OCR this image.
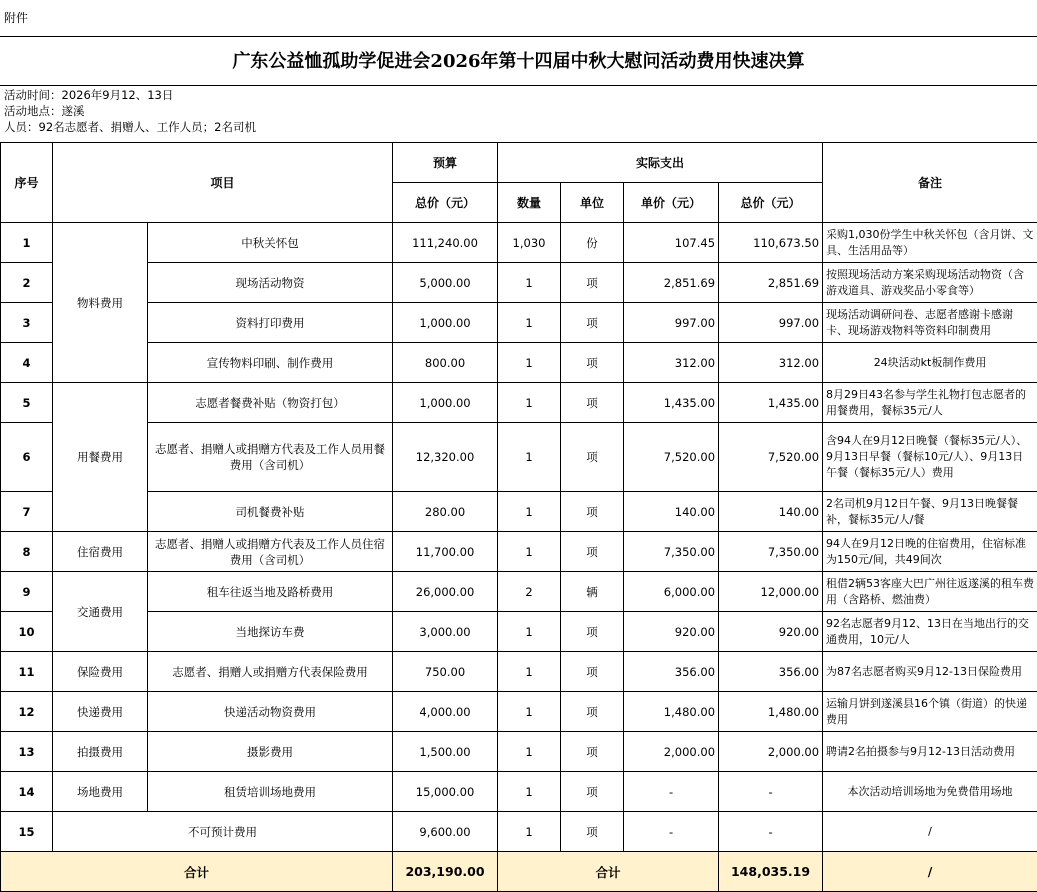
附件
广东公益恤孤助学促进会2026年第十四届中秋大慰问活动费用快速决算
活动时间：2026年9月12、13日
活动地点：遂溪
人员：92名志愿者、捐赠人、工作人员；2名司机
序号	项目		预算	实际支出				备注
			总价（元）	数量	单位	单价（元）	总价（元）	
1	物料费用	中秋关怀包	111,240.00	1,030	份	107.45	110,673.50	采购1,030份学生中秋关怀包（含月饼、文具、生活用品等）
2		现场活动物资	5,000.00	1	项	2,851.69	2,851.69	按照现场活动方案采购现场活动物资（含游戏道具、游戏奖品小零食等）
3		资料打印费用	1,000.00	1	项	997.00	997.00	现场活动调研问卷、志愿者感谢卡感谢卡、现场游戏物料等资料印制费用
4		宣传物料印刷、制作费用	800.00	1	项	312.00	312.00	24块活动kt板制作费用
5	用餐费用	志愿者餐费补贴（物资打包）	1,000.00	1	项	1,435.00	1,435.00	8月29日43名参与学生礼物打包志愿者的用餐费用，餐标35元/人
6		志愿者、捐赠人或捐赠方代表及工作人员用餐费用（含司机）	12,320.00	1	项	7,520.00	7,520.00	含94人在9月12日晚餐（餐标35元/人）、9月13日早餐（餐标10元/人）、9月13日午餐（餐标35元/人）费用
7		司机餐费补贴	280.00	1	项	140.00	140.00	2名司机9月12日午餐、9月13日晚餐餐补，餐标35元/人/餐
8	住宿费用	志愿者、捐赠人或捐赠方代表及工作人员住宿费用（含司机）	11,700.00	1	项	7,350.00	7,350.00	94人在9月12日晚的住宿费用，住宿标准为150元/间，共49间次
9	交通费用	租车往返当地及路桥费用	26,000.00	2	辆	6,000.00	12,000.00	租借2辆53客座大巴广州往返遂溪的租车费用（含路桥、燃油费）
10		当地探访车费	3,000.00	1	项	920.00	920.00	92名志愿者9月12、13日在当地出行的交通费用，10元/人
11	保险费用	志愿者、捐赠人或捐赠方代表保险费用	750.00	1	项	356.00	356.00	为87名志愿者购买9月12-13日保险费用
12	快递费用	快递活动物资费用	4,000.00	1	项	1,480.00	1,480.00	运输月饼到遂溪县16个镇（街道）的快递费用
13	拍摄费用	摄影费用	1,500.00	1	项	2,000.00	2,000.00	聘请2名拍摄参与9月12-13日活动费用
14	场地费用	租赁培训场地费用	15,000.00	1	项	-	-	本次活动培训场地为免费借用场地
15	不可预计费用		9,600.00	1	项	-	-	/
合计			203,190.00	合计			148,035.19	/
